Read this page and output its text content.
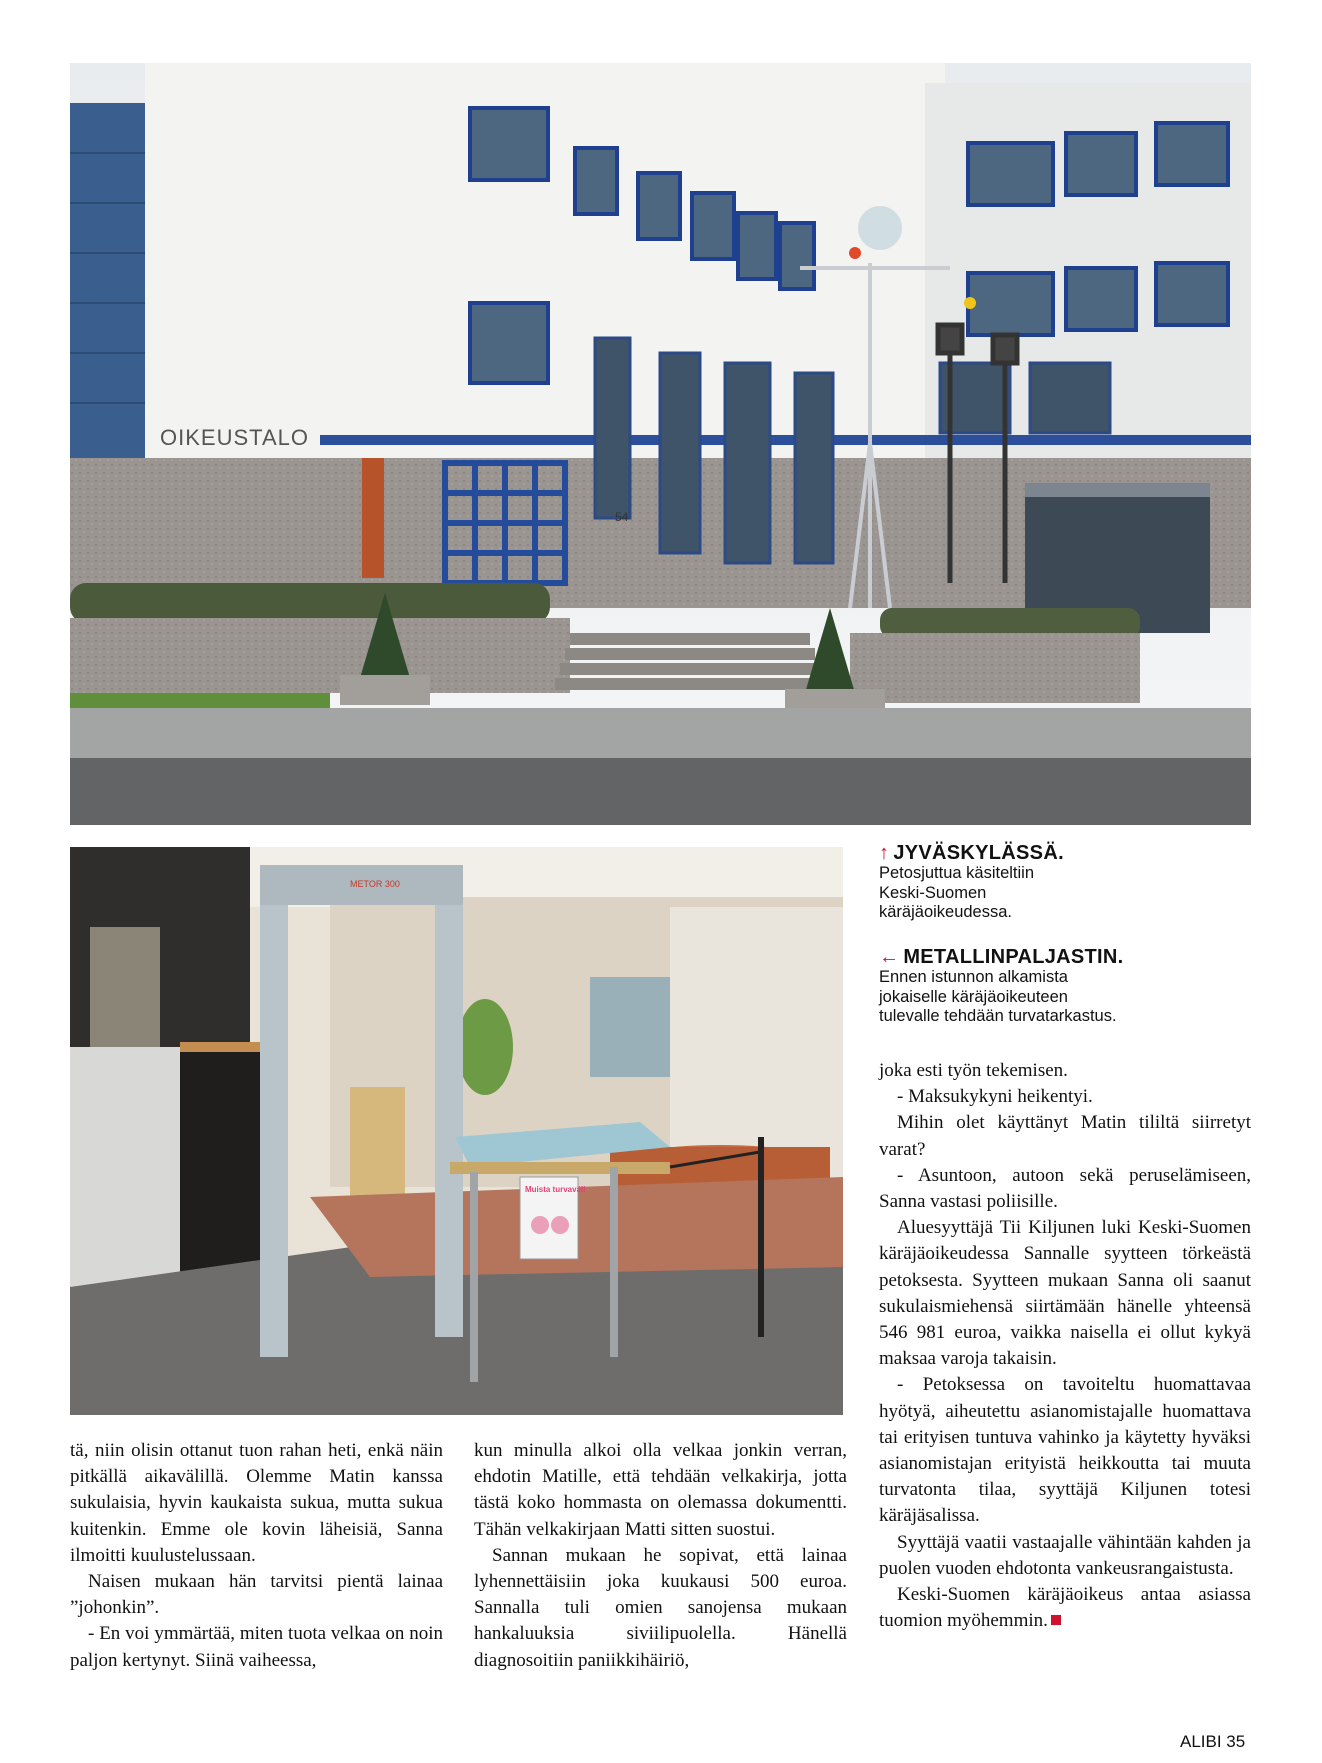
OIKEUSTALO
54
METOR 300
Muista turvaväli
↑ JYVÄSKYLÄSSÄ.
Petosjuttua käsiteltiin
Keski-Suomen
käräjäoikeudessa.
← METALLINPALJASTIN.
Ennen istunnon alkamista
jokaiselle käräjäoikeuteen
tulevalle tehdään turvatarkastus.

tä, niin olisin ottanut tuon rahan heti, enkä näin pitkällä aikavälillä. Olemme Matin kanssa sukulaisia, hyvin kaukaista sukua, mutta sukua kuitenkin. Emme ole kovin läheisiä, Sanna ilmoitti kuulustelussaan.

Naisen mukaan hän tarvitsi pientä lainaa ”johonkin”.

- En voi ymmärtää, miten tuota velkaa on noin paljon kertynyt. Siinä vaiheessa,

kun minulla alkoi olla velkaa jonkin verran, ehdotin Matille, että tehdään velkakirja, jotta tästä koko hommasta on olemassa dokumentti. Tähän velkakirjaan Matti sitten suostui.

Sannan mukaan he sopivat, että lainaa lyhennettäisiin joka kuukausi 500 euroa. Sannalla tuli omien sanojensa mukaan hankaluuksia siviilipuolella. Hänellä diagnosoitiin paniikkihäiriö,

joka esti työn tekemisen.

- Maksukykyni heikentyi.

Mihin olet käyttänyt Matin tililtä siirretyt varat?

- Asuntoon, autoon sekä peruselämiseen, Sanna vastasi poliisille.

Aluesyyttäjä Tii Kiljunen luki Keski-Suomen käräjäoikeudessa Sannalle syytteen törkeästä petoksesta. Syytteen mukaan Sanna oli saanut sukulaismiehensä siirtämään hänelle yhteensä 546 981 euroa, vaikka naisella ei ollut kykyä maksaa varoja takaisin.

- Petoksessa on tavoiteltu huomattavaa hyötyä, aiheutettu asianomistajalle huomattava tai erityisen tuntuva vahinko ja käytetty hyväksi asianomistajan erityistä heikkoutta tai muuta turvatonta tilaa, syyttäjä Kiljunen totesi käräjäsalissa.

Syyttäjä vaatii vastaajalle vähintään kahden ja puolen vuoden ehdotonta vankeusrangaistusta.

Keski-Suomen käräjäoikeus antaa asiassa tuomion myöhemmin.

ALIBI 35
